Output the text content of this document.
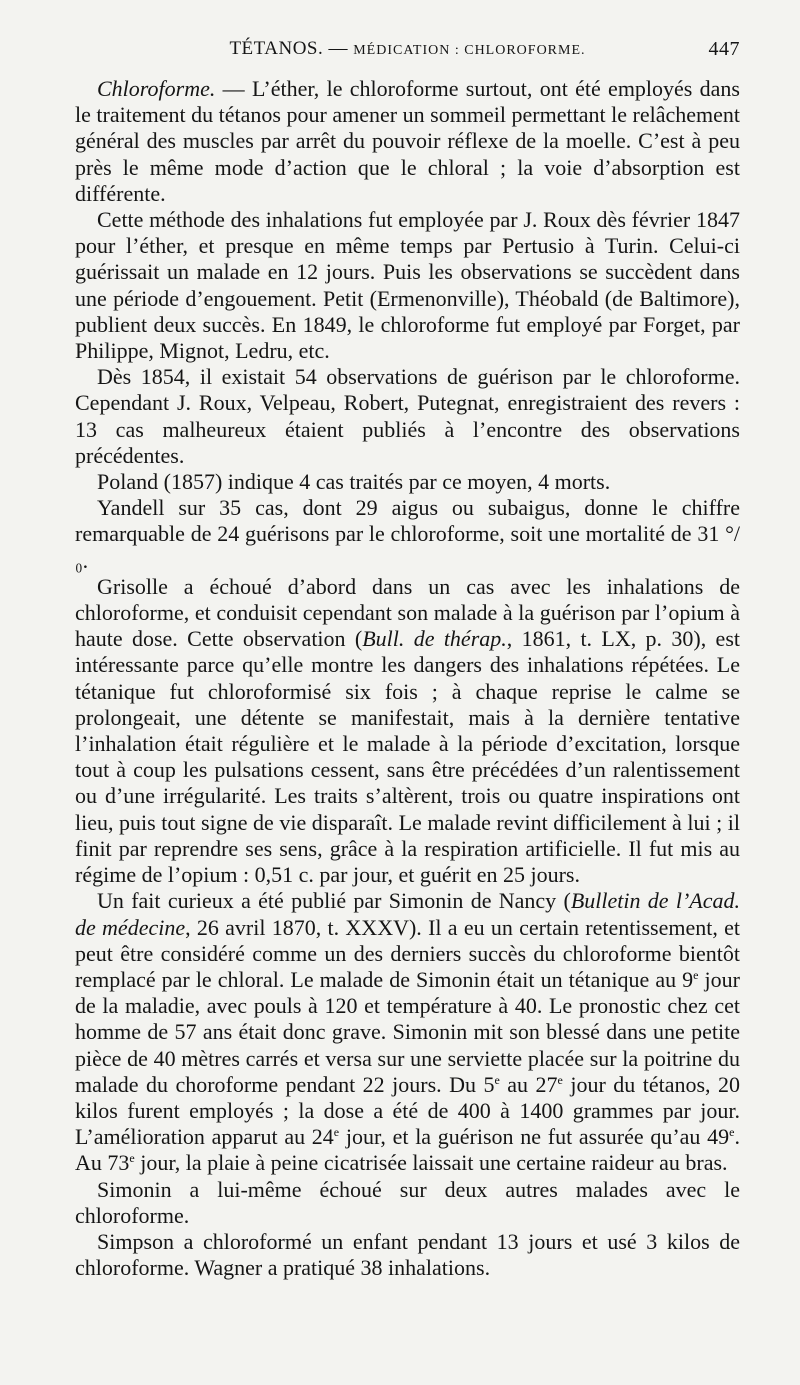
TÉTANOS. — MÉDICATION : CHLOROFORME.	447

Chloroforme. — L’éther, le chloroforme surtout, ont été employés dans le traitement du tétanos pour amener un sommeil permettant le relâchement général des muscles par arrêt du pouvoir réflexe de la moelle. C’est à peu près le même mode d’action que le chloral ; la voie d’absorption est différente.

Cette méthode des inhalations fut employée par J. Roux dès février 1847 pour l’éther, et presque en même temps par Pertusio à Turin. Celui-ci guérissait un malade en 12 jours. Puis les observations se succèdent dans une période d’engouement. Petit (Ermenonville), Théobald (de Baltimore), publient deux succès. En 1849, le chloroforme fut employé par Forget, par Philippe, Mignot, Ledru, etc.

Dès 1854, il existait 54 observations de guérison par le chloroforme. Cependant J. Roux, Velpeau, Robert, Putegnat, enregistraient des revers : 13 cas malheureux étaient publiés à l’encontre des observations précédentes.

Poland (1857) indique 4 cas traités par ce moyen, 4 morts.

Yandell sur 35 cas, dont 29 aigus ou subaigus, donne le chiffre remarquable de 24 guérisons par le chloroforme, soit une mortalité de 31 °/₀.

Grisolle a échoué d’abord dans un cas avec les inhalations de chloroforme, et conduisit cependant son malade à la guérison par l’opium à haute dose. Cette observation (Bull. de thérap., 1861, t. LX, p. 30), est intéressante parce qu’elle montre les dangers des inhalations répétées. Le tétanique fut chloroformisé six fois ; à chaque reprise le calme se prolongeait, une détente se manifestait, mais à la dernière tentative l’inhalation était régulière et le malade à la période d’excitation, lorsque tout à coup les pulsations cessent, sans être précédées d’un ralentissement ou d’une irrégularité. Les traits s’altèrent, trois ou quatre inspirations ont lieu, puis tout signe de vie disparaît. Le malade revint difficilement à lui ; il finit par reprendre ses sens, grâce à la respiration artificielle. Il fut mis au régime de l’opium : 0,51 c. par jour, et guérit en 25 jours.

Un fait curieux a été publié par Simonin de Nancy (Bulletin de l’Acad. de médecine, 26 avril 1870, t. XXXV). Il a eu un certain retentissement, et peut être considéré comme un des derniers succès du chloroforme bientôt remplacé par le chloral. Le malade de Simonin était un tétanique au 9e jour de la maladie, avec pouls à 120 et température à 40. Le pronostic chez cet homme de 57 ans était donc grave. Simonin mit son blessé dans une petite pièce de 40 mètres carrés et versa sur une serviette placée sur la poitrine du malade du choroforme pendant 22 jours. Du 5e au 27e jour du tétanos, 20 kilos furent employés ; la dose a été de 400 à 1400 grammes par jour. L’amélioration apparut au 24e jour, et la guérison ne fut assurée qu’au 49e. Au 73e jour, la plaie à peine cicatrisée laissait une certaine raideur au bras.

Simonin a lui-même échoué sur deux autres malades avec le chloroforme.

Simpson a chloroformé un enfant pendant 13 jours et usé 3 kilos de chloroforme. Wagner a pratiqué 38 inhalations.
